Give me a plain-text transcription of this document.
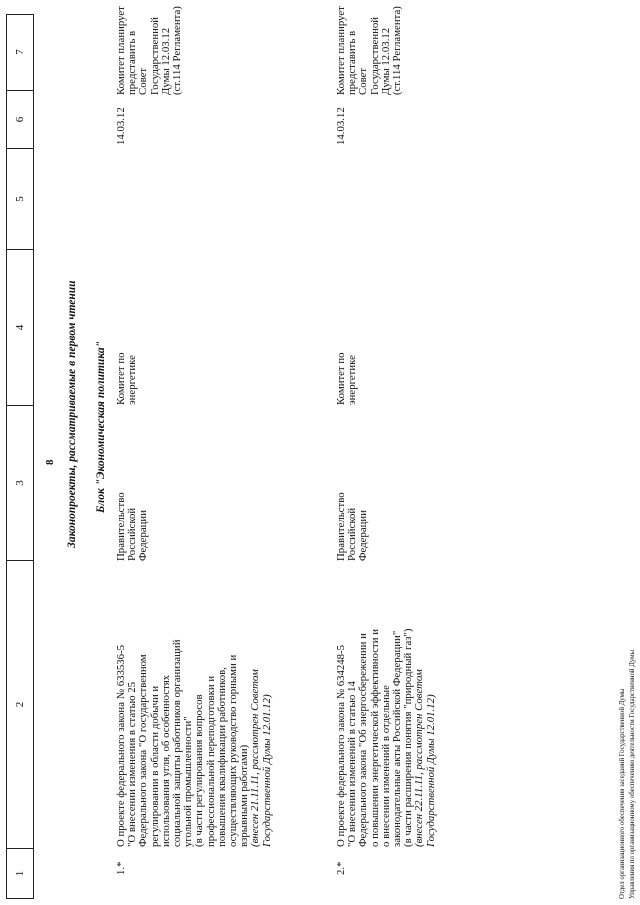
1
2
3
4
5
6
7
8 Законопроекты, рассматриваемые в первом чтении Блок "Экономическая политика"
1.*
О проекте федерального закона № 633536-5
"О внесении изменения в статью 25
Федерального закона "О государственном
регулировании в области добычи и
использования угля, об особенностях
социальной защиты работников организаций
угольной промышленности"
(в части регулирования вопросов
профессиональной переподготовки и
повышения квалификации работников,
осуществляющих руководство горными и
взрывными работами)
(внесен 21.11.11, рассмотрен Советом
Государственной Думы 12.01.12)
Правительство
Российской
Федерации
Комитет по
энергетике
14.03.12
Комитет планирует
представить в Совет
Государственной
Думы 12.03.12
(ст.114 Регламента)
2.*
О проекте федерального закона № 634248-5
"О внесении изменений в статью 14
Федерального закона "Об энергосбережении и
о повышении энергетической эффективности и
о внесении изменений в отдельные
законодательные акты Российской Федерации"
(в части расширения понятия "природный газ")
(внесен 22.11.11, рассмотрен Советом
Государственной Думы 12.01.12)
Правительство
Российской
Федерации
Комитет по
энергетике
14.03.12
Комитет планирует
представить в Совет
Государственной
Думы 12.03.12
(ст.114 Регламента)
Отдел организационного обеспечения заседаний Государственной Думы Управления по организационному обеспечению деятельности Государственной Думы
